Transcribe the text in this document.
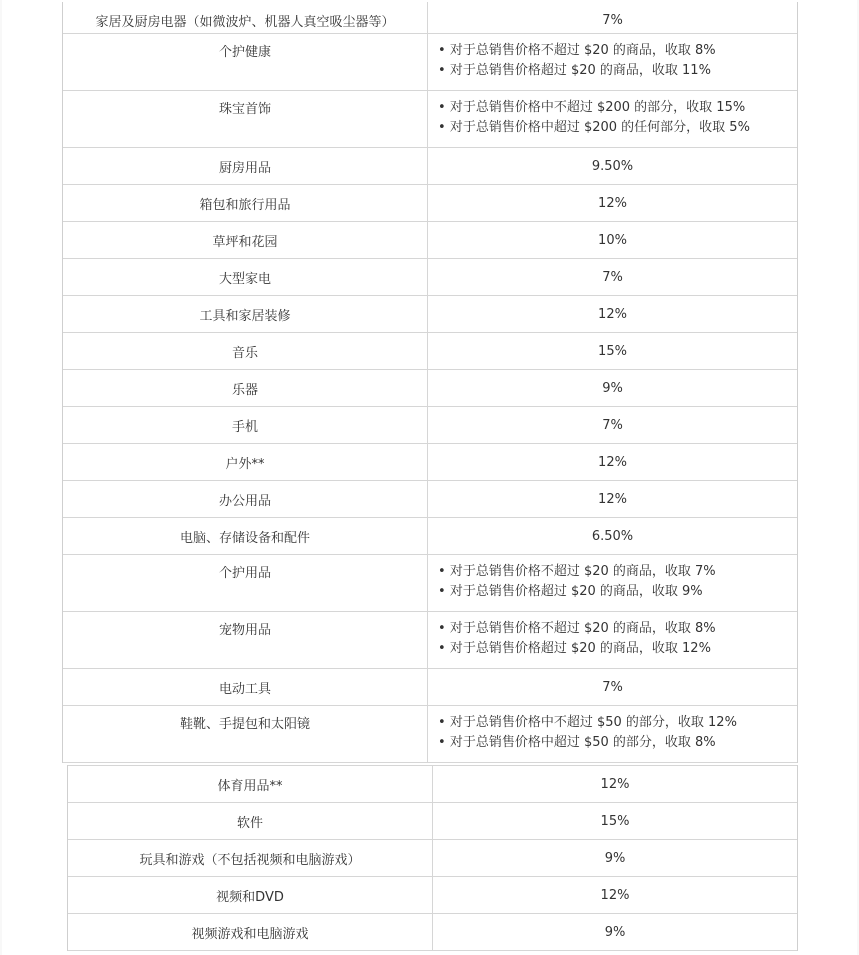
家居及厨房电器（如微波炉、机器人真空吸尘器等）	7%
个护健康	• 对于总销售价格不超过 $20 的商品，收取 8%
• 对于总销售价格超过 $20 的商品，收取 11%
珠宝首饰	• 对于总销售价格中不超过 $200 的部分，收取 15%
• 对于总销售价格中超过 $200 的任何部分，收取 5%
厨房用品	9.50%
箱包和旅行用品	12%
草坪和花园	10%
大型家电	7%
工具和家居装修	12%
音乐	15%
乐器	9%
手机	7%
户外**	12%
办公用品	12%
电脑、存储设备和配件	6.50%
个护用品	• 对于总销售价格不超过 $20 的商品，收取 7%
• 对于总销售价格超过 $20 的商品，收取 9%
宠物用品	• 对于总销售价格不超过 $20 的商品，收取 8%
• 对于总销售价格超过 $20 的商品，收取 12%
电动工具	7%
鞋靴、手提包和太阳镜	• 对于总销售价格中不超过 $50 的部分，收取 12%
• 对于总销售价格中超过 $50 的部分，收取 8%
体育用品**	12%
软件	15%
玩具和游戏（不包括视频和电脑游戏）	9%
视频和DVD	12%
视频游戏和电脑游戏	9%
